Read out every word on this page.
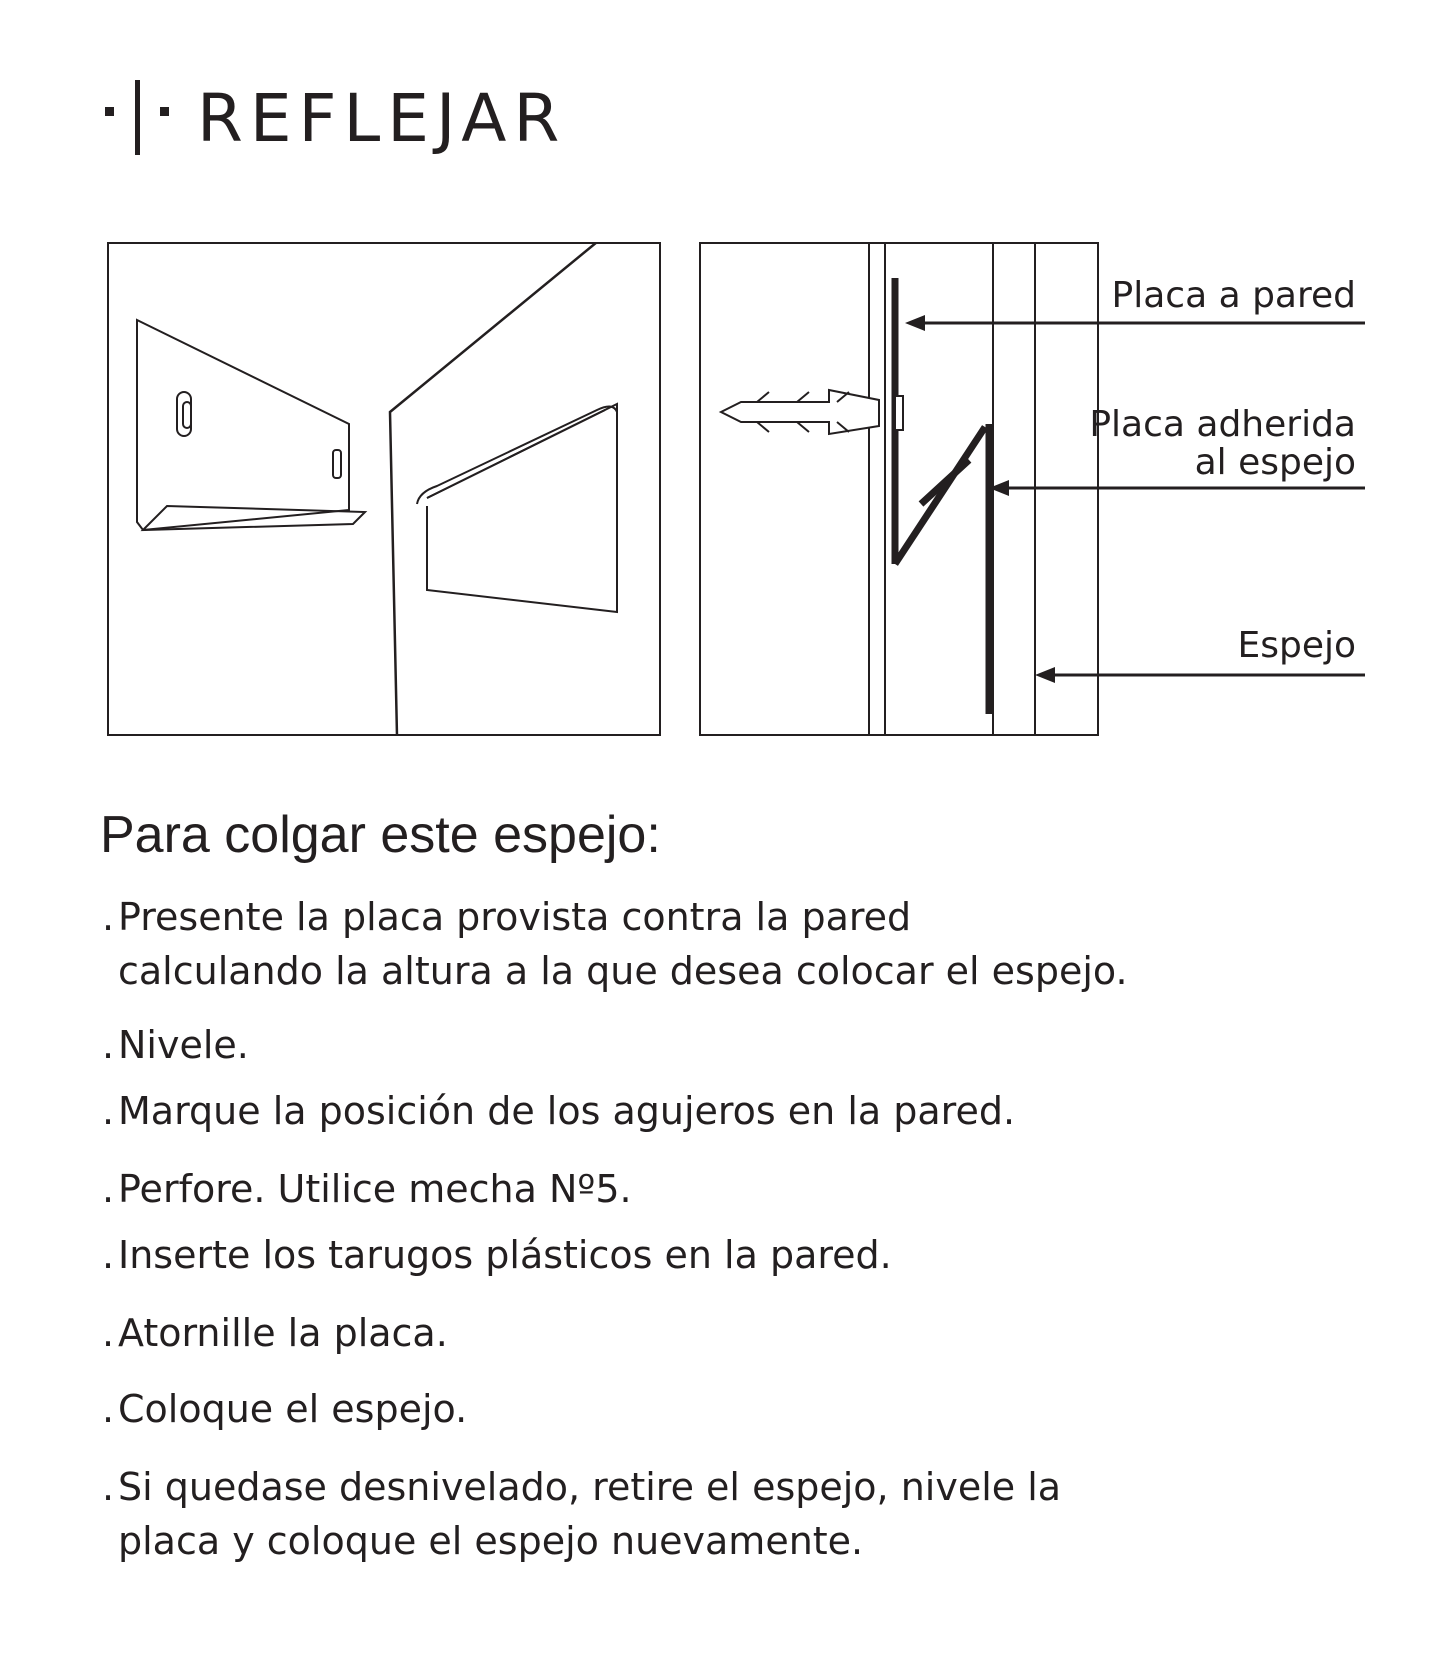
REFLEJAR
Placa a pared
Placa adherida
al espejo
Espejo
Para colgar este espejo:
. Presente la placa provista contra la pared
calculando la altura a la que desea colocar el espejo.
. Nivele.
. Marque la posición de los agujeros en la pared.
. Perfore. Utilice mecha Nº5.
. Inserte los tarugos plásticos en la pared.
. Atornille la placa.
. Coloque el espejo.
. Si quedase desnivelado, retire el espejo, nivele la
placa y coloque el espejo nuevamente.
